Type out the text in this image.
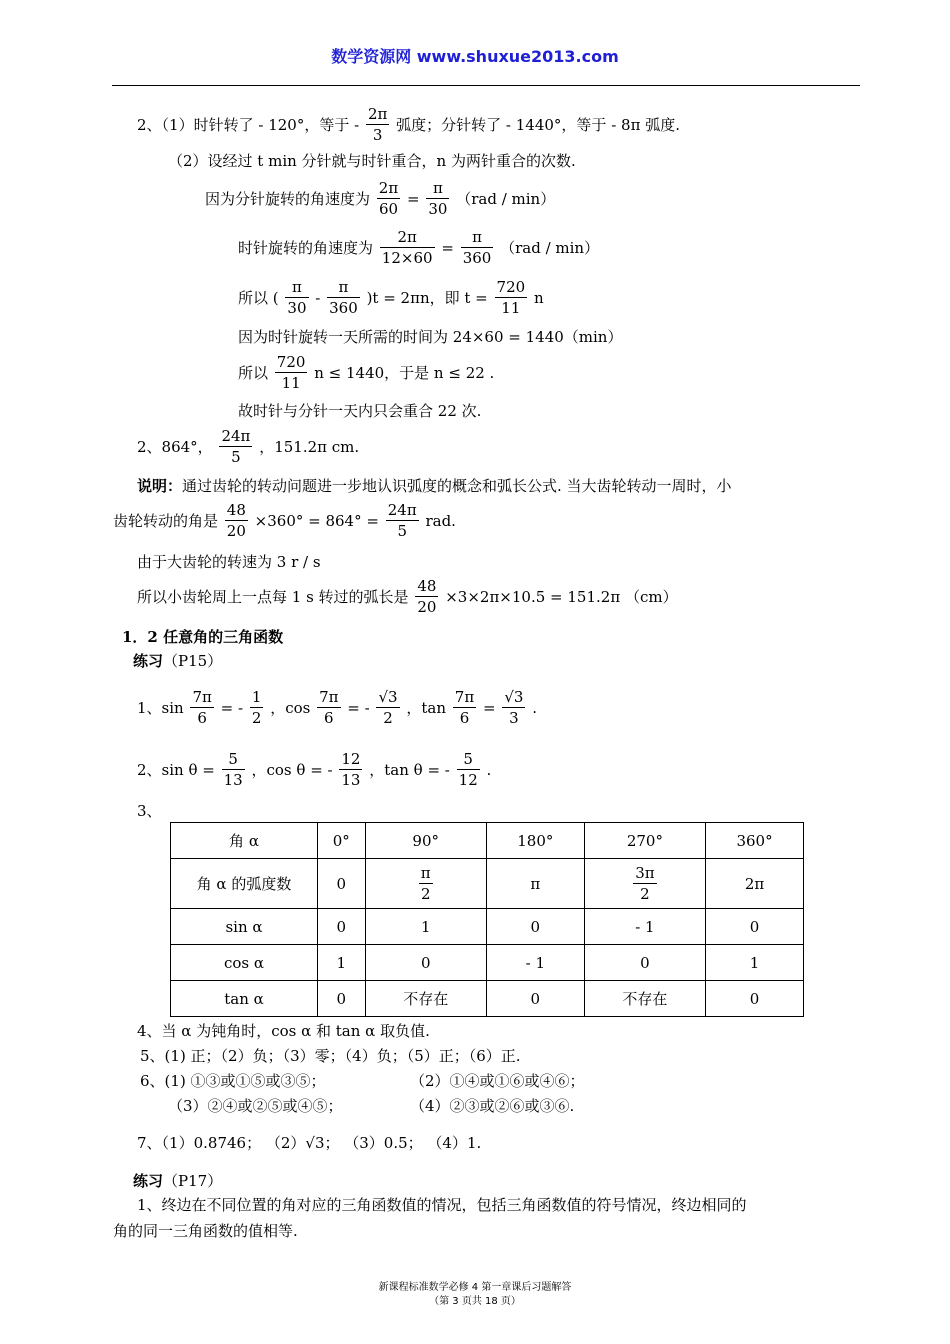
数学资源网 www.shuxue2013.com
2、（1）时针转了 - 120°，等于 - $\frac{2\pi}{3}$ 弧度；分针转了 - 1440°，等于 - 8π 弧度.
（2）设经过 t min 分针就与时针重合，n 为两针重合的次数.
因为分针旋转的角速度为 $\frac{2\pi}{60} = \frac{\pi}{30} (rad / \min)$
时针旋转的角速度为 $\frac{2\pi}{12\times 60} = \frac{\pi}{360} (rad / \min)$
所以 ( $\frac{\pi}{30} - \frac{\pi}{360} )t = 2\pi n$，即 $t = \frac{720}{11}$ n
因为时针旋转一天所需的时间为 24×60 = 1440（min）
所以 $\frac{720}{11}$ n ≤ 1440，于是 n ≤ 22 .
故时针与分针一天内只会重合 22 次.
2、864°， $\frac{24\pi}{5}$ ，151.2π cm.
说明：通过齿轮的转动问题进一步地认识弧度的概念和弧长公式. 当大齿轮转动一周时，小
齿轮转动的角是 $\frac{48}{20} \times 360^\circ = 864^\circ = \frac{24\pi}{5}$ rad.
由于大齿轮的转速为 3 r / s
所以小齿轮周上一点每 1 s 转过的弧长是 $\frac{48}{20} \times 3\times 2\pi\times 10.5 = 151.2\pi$ （cm）
1．2 任意角的三角函数
练习（P15）
1、$\sin \frac{7\pi}{6}$ = - $\frac{1}{2}$ ，$\cos \frac{7\pi}{6}$ = - $\frac{√3}{2}$ ，$\tan \frac{7\pi}{6} = \frac{√3}{3}$ .
2、$\sin \theta = \frac{5}{13}$ ，cos θ = - $\frac{12}{13}$ ，tan θ = - $\frac{5}{12}$ .
3、
角 α	0°	90°	180°	270°	360°
角 α 的弧度数	0	$\frac{\pi}{2}$	π	$\frac{3\pi}{2}$	2π
sin α	0	1	0	- 1	0
cos α	1	0	- 1	0	1
tan α	0	不存在	0	不存在	0
4、当 α 为钝角时，cos α 和 tan α 取负值.
5、(1) 正；（2）负；（3）零；（4）负；（5）正；（6）正.
6、(1) ①③或①⑤或③⑤；	（2）①④或①⑥或④⑥；
（3）②④或②⑤或④⑤；	（4）②③或②⑥或③⑥.
7、（1）0.8746； （2）√3； （3）0.5； （4）1.
练习（P17）
1、终边在不同位置的角对应的三角函数值的情况，包括三角函数值的符号情况，终边相同的
角的同一三角函数的值相等.
新课程标准数学必修 4 第一章课后习题解答
（第 3 页共 18 页）
